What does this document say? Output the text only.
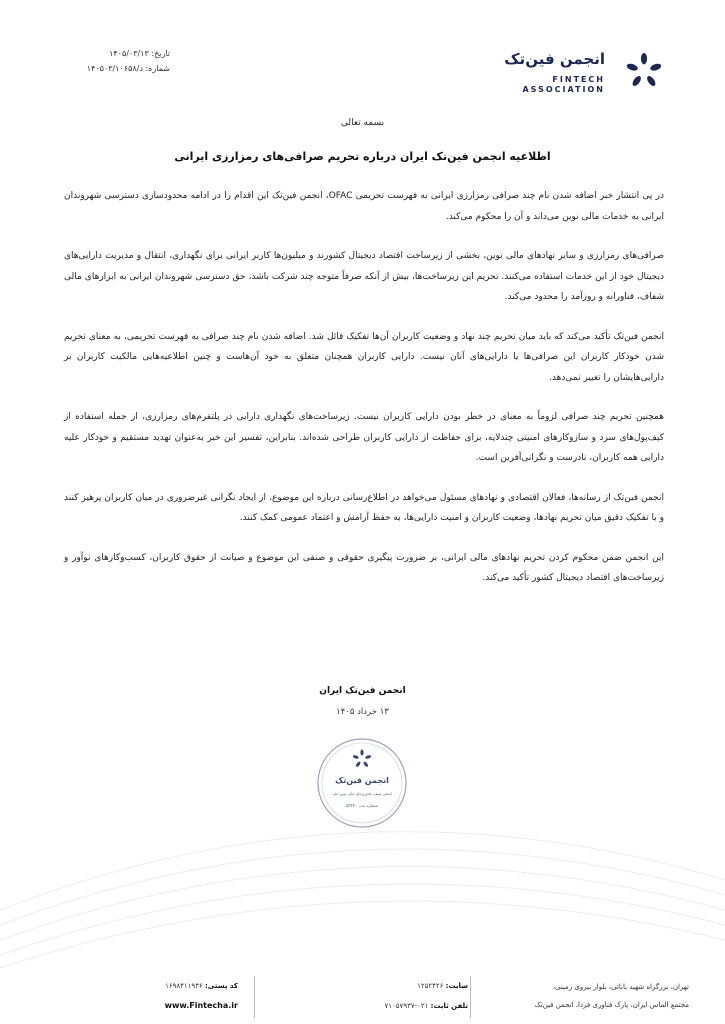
تاریخ: ۱۴۰۵/۰۳/۱۳
شماره: د/۱۴۰۵۰۳/۱۰۶۵۸
انجمن فین‌تک
FINTECH
ASSOCIATION
بسمه تعالی
اطلاعیه انجمن فین‌تک ایران درباره تحریم صرافی‌های رمزارزی ایرانی

در پی انتشار خبر اضافه شدن نام چند صرافی رمزارزی ایرانی به فهرست تحریمی OFAC، انجمن فین‌تک این اقدام را در ادامه محدودسازی دسترسی شهروندان ایرانی به خدمات مالی نوین می‌داند و آن را محکوم می‌کند.

صرافی‌های رمزارزی و سایر نهادهای مالی نوین، بخشی از زیرساخت اقتصاد دیجیتال کشورند و میلیون‌ها کاربر ایرانی برای نگهداری، انتقال و مدیریت دارایی‌های دیجیتال خود از این خدمات استفاده می‌کنند. تحریم این زیرساخت‌ها، بیش از آنکه صرفاً متوجه چند شرکت باشد، حق دسترسی شهروندان ایرانی به ابزارهای مالی شفاف، فناورانه و روزآمد را محدود می‌کند.

انجمن فین‌تک تأکید می‌کند که باید میان تحریم چند نهاد و وضعیت کاربران آن‌ها تفکیک قائل شد. اضافه شدن نام چند صرافی به فهرست تحریمی، به معنای تحریم شدن خودکار کاربران این صرافی‌ها یا دارایی‌های آنان نیست. دارایی کاربران همچنان متعلق به خود آن‌هاست و چنین اطلاعیه‌هایی مالکیت کاربران بر دارایی‌هایشان را تغییر نمی‌دهد.

همچنین تحریم چند صرافی لزوماً به معنای در خطر بودن دارایی کاربران نیست. زیرساخت‌های نگهداری دارایی در پلتفرم‌های رمزارزی، از جمله استفاده از کیف‌پول‌های سرد و سازوکارهای امنیتی چندلایه، برای حفاظت از دارایی کاربران طراحی شده‌اند. بنابراین، تفسیر این خبر به‌عنوان تهدید مستقیم و خودکار علیه دارایی همه کاربران، نادرست و نگرانی‌آفرین است.

انجمن فین‌تک از رسانه‌ها، فعالان اقتصادی و نهادهای مسئول می‌خواهد در اطلاع‌رسانی درباره این موضوع، از ایجاد نگرانی غیرضروری در میان کاربران پرهیز کنند و با تفکیک دقیق میان تحریم نهادها، وضعیت کاربران و امنیت دارایی‌ها، به حفظ آرامش و اعتماد عمومی کمک کنند.

این انجمن ضمن محکوم کردن تحریم نهادهای مالی ایرانی، بر ضرورت پیگیری حقوقی و صنفی این موضوع و صیانت از حقوق کاربران، کسب‌وکارهای نوآور و زیرساخت‌های اقتصاد دیجیتال کشور تأکید می‌کند.

انجمن فین‌تک ایران
۱۳ خرداد ۱۴۰۵
انجمن فین‌تک
انجمن صنفی فناوری‌های مالی نوین ملی
شماره ثبت ۵۴۴۴۰
تهران، بزرگراه شهید بابائی، بلوار نیروی زمینی،
مجتمع الماس ایران، پارک فناوری فردا، انجمن فین‌تک
سایت: ۱۲۵۲۴۲۶
تلفن ثابت: ۰۲۱-۷۱۰۵۷۹۳۷
کد پستی: ۱۶۹۸۴۱۱۹۳۶
www.Fintecha.ir
